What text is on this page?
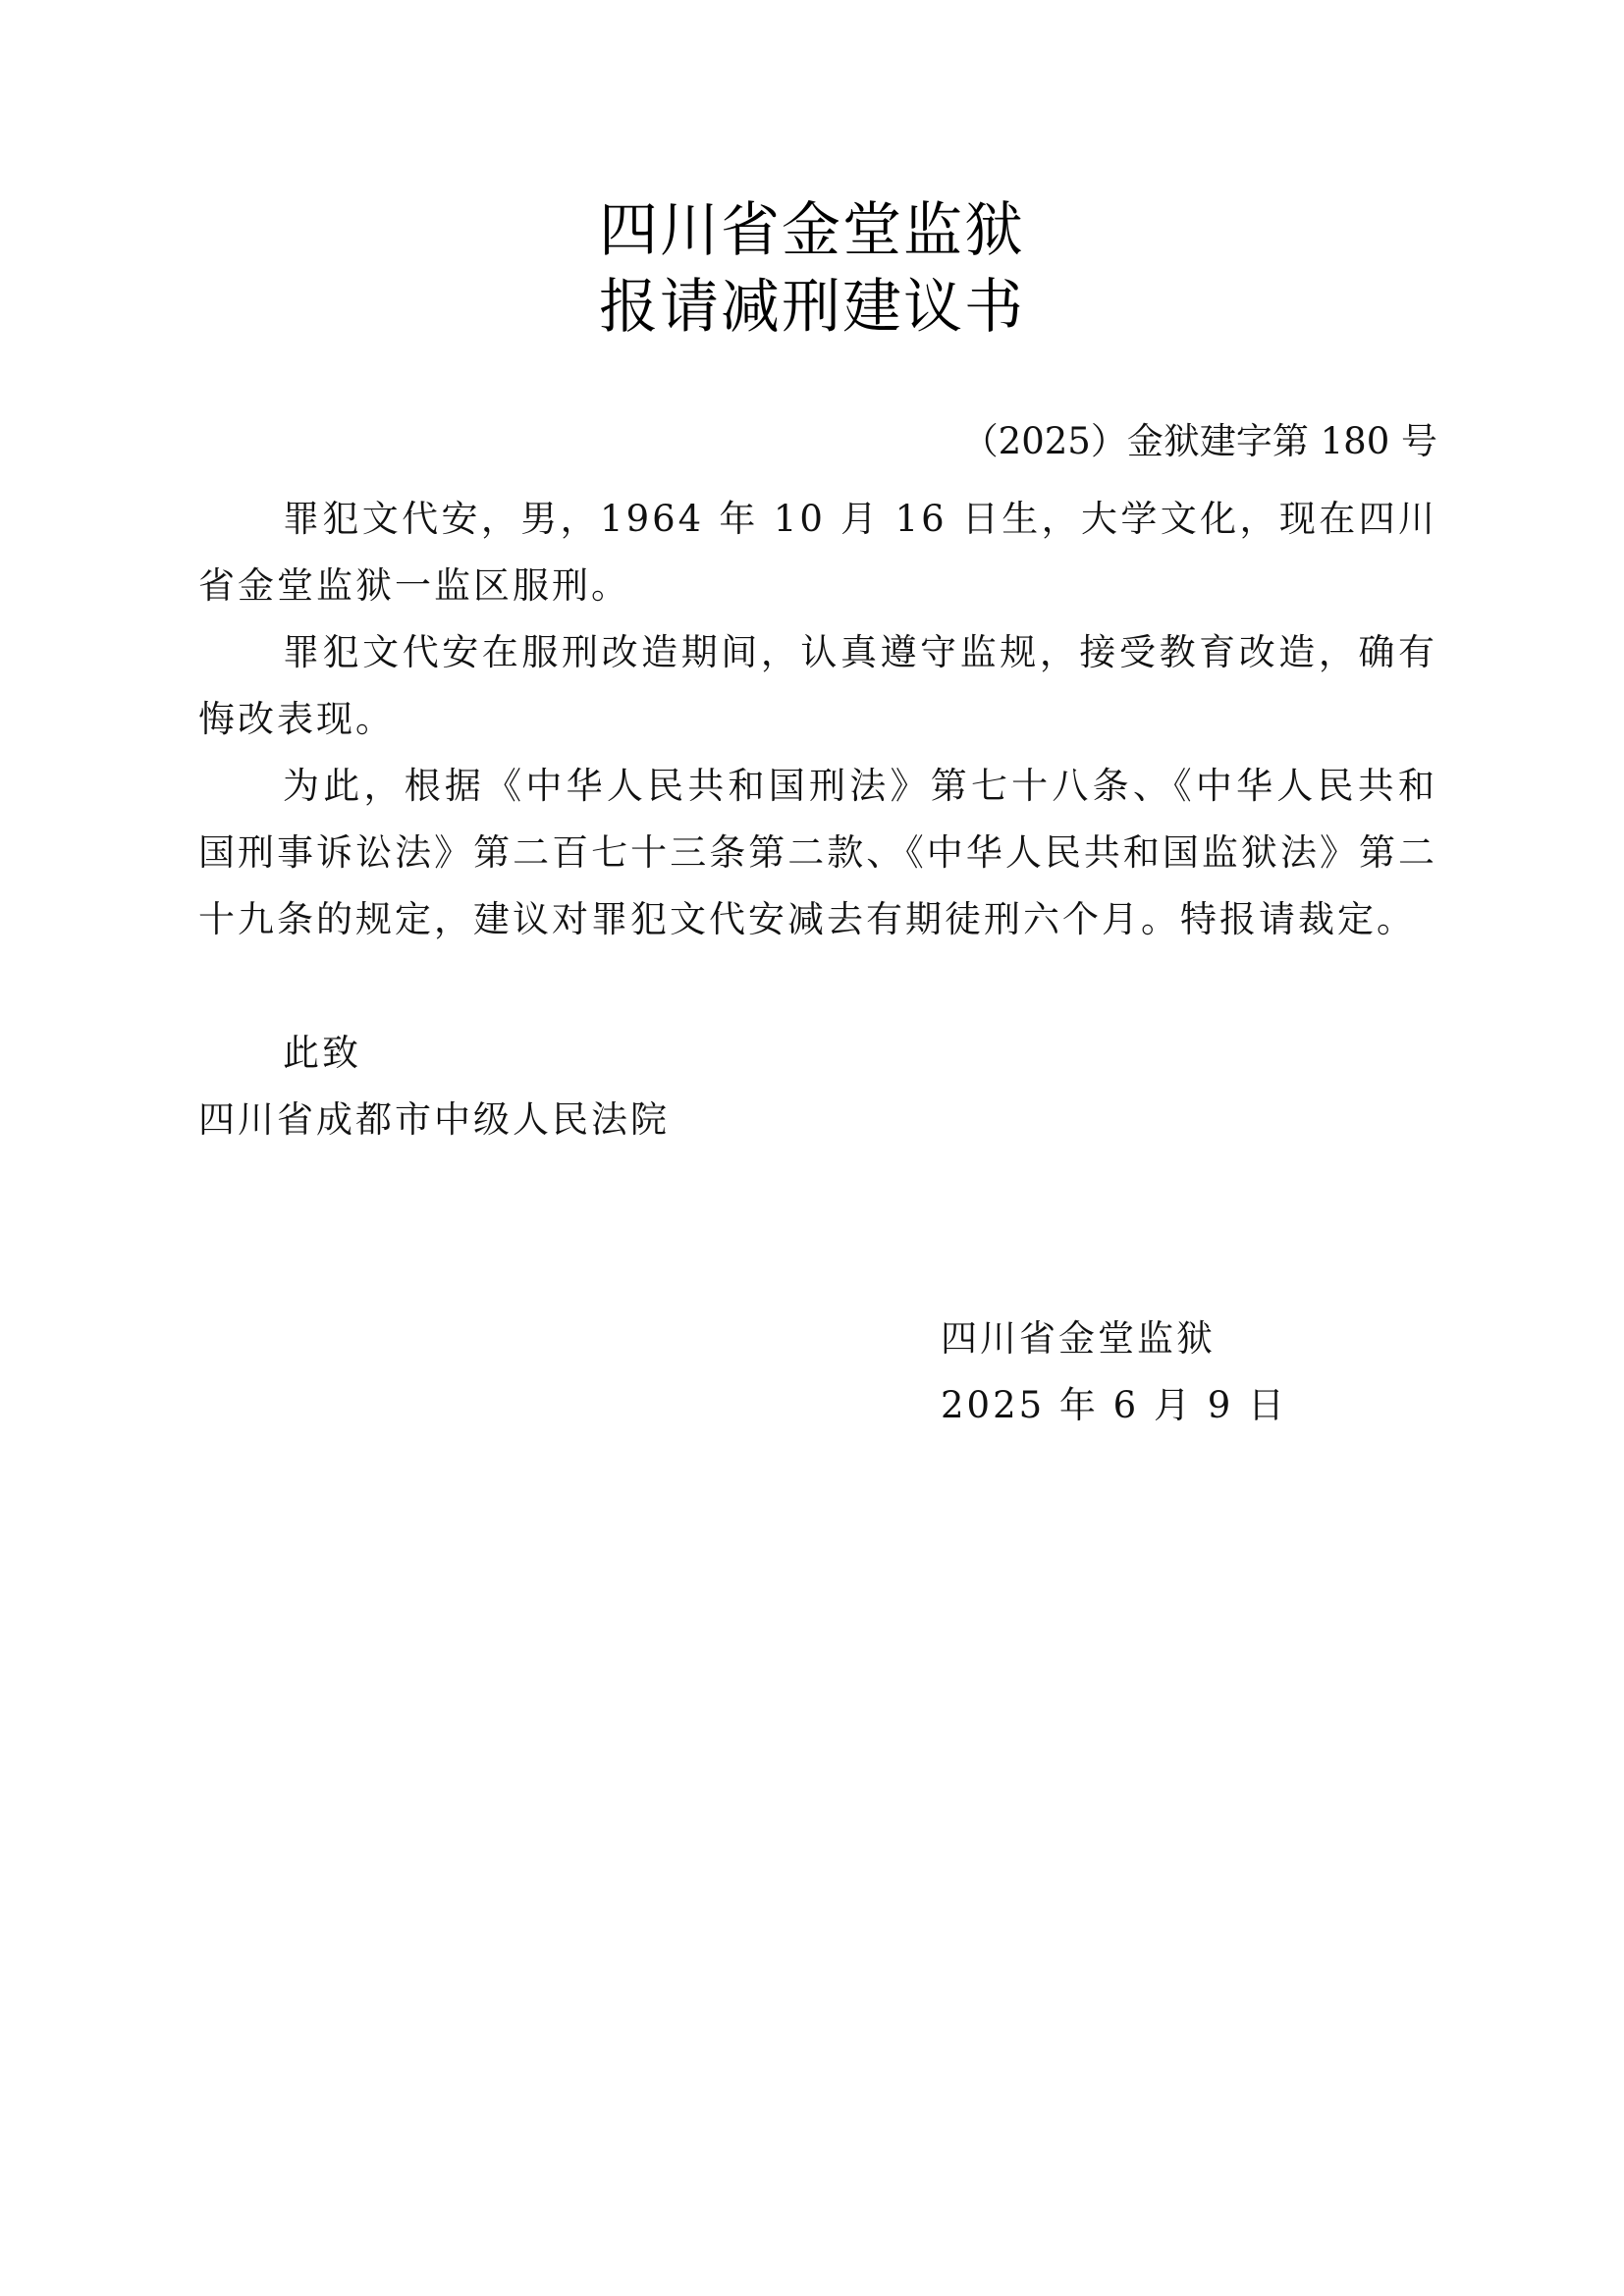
四川省金堂监狱
报请减刑建议书
（2025）金狱建字第 180 号
罪犯文代安，男，1964 年 10 月 16 日生，大学文化，现在四川省金堂监狱一监区服刑。
罪犯文代安在服刑改造期间，认真遵守监规，接受教育改造，确有悔改表现。
为此，根据《中华人民共和国刑法》第七十八条、《中华人民共和国刑事诉讼法》第二百七十三条第二款、《中华人民共和国监狱法》第二十九条的规定，建议对罪犯文代安减去有期徒刑六个月。特报请裁定。
此致
四川省成都市中级人民法院
四川省金堂监狱
2025 年 6 月 9 日
